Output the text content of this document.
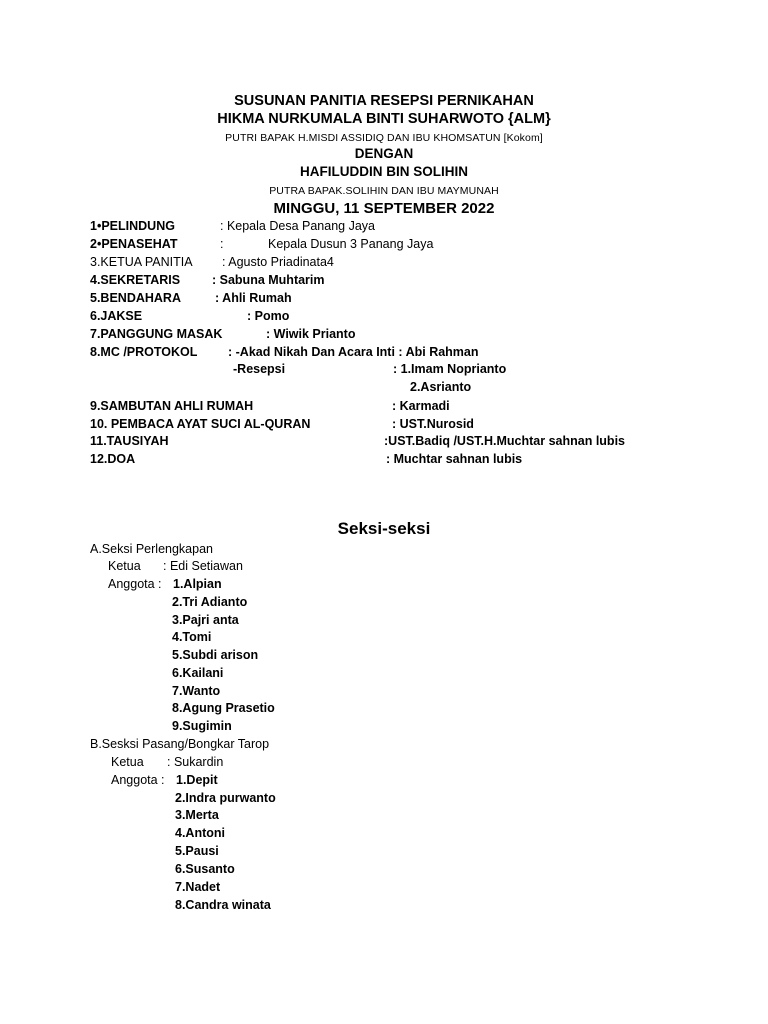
SUSUNAN PANITIA RESEPSI PERNIKAHAN
HIKMA NURKUMALA BINTI SUHARWOTO {ALM}
PUTRI BAPAK H.MISDI ASSIDIQ DAN IBU KHOMSATUN [Kokom]
DENGAN
HAFILUDDIN BIN SOLIHIN
PUTRA BAPAK.SOLIHIN DAN IBU MAYMUNAH
MINGGU, 11 SEPTEMBER 2022
1•PELINDUNG	: Kepala Desa Panang Jaya
2•PENASEHAT	:	Kepala Dusun 3 Panang Jaya
3.KETUA PANITIA : Agusto Priadinata4
4.SEKRETARIS	: Sabuna Muhtarim
5.BENDAHARA	: Ahli Rumah
6.JAKSE	: Pomo
7.PANGGUNG MASAK	: Wiwik Prianto
8.MC /PROTOKOL : -Akad Nikah Dan Acara Inti : Abi Rahman
-Resepsi	: 1.Imam Noprianto
2.Asrianto
9.SAMBUTAN AHLI RUMAH	: Karmadi
10. PEMBACA AYAT SUCI AL-QURAN	: UST.Nurosid
11.TAUSIYAH	:UST.Badiq /UST.H.Muchtar sahnan lubis
12.DOA	: Muchtar sahnan lubis
Seksi-seksi
A.Seksi Perlengkapan
Ketua : Edi Setiawan
Anggota : 1.Alpian
2.Tri Adianto
3.Pajri anta
4.Tomi
5.Subdi arison
6.Kailani
7.Wanto
8.Agung Prasetio
9.Sugimin
B.Sesksi Pasang/Bongkar Tarop
Ketua : Sukardin
Anggota : 1.Depit
2.Indra purwanto
3.Merta
4.Antoni
5.Pausi
6.Susanto
7.Nadet
8.Candra winata
